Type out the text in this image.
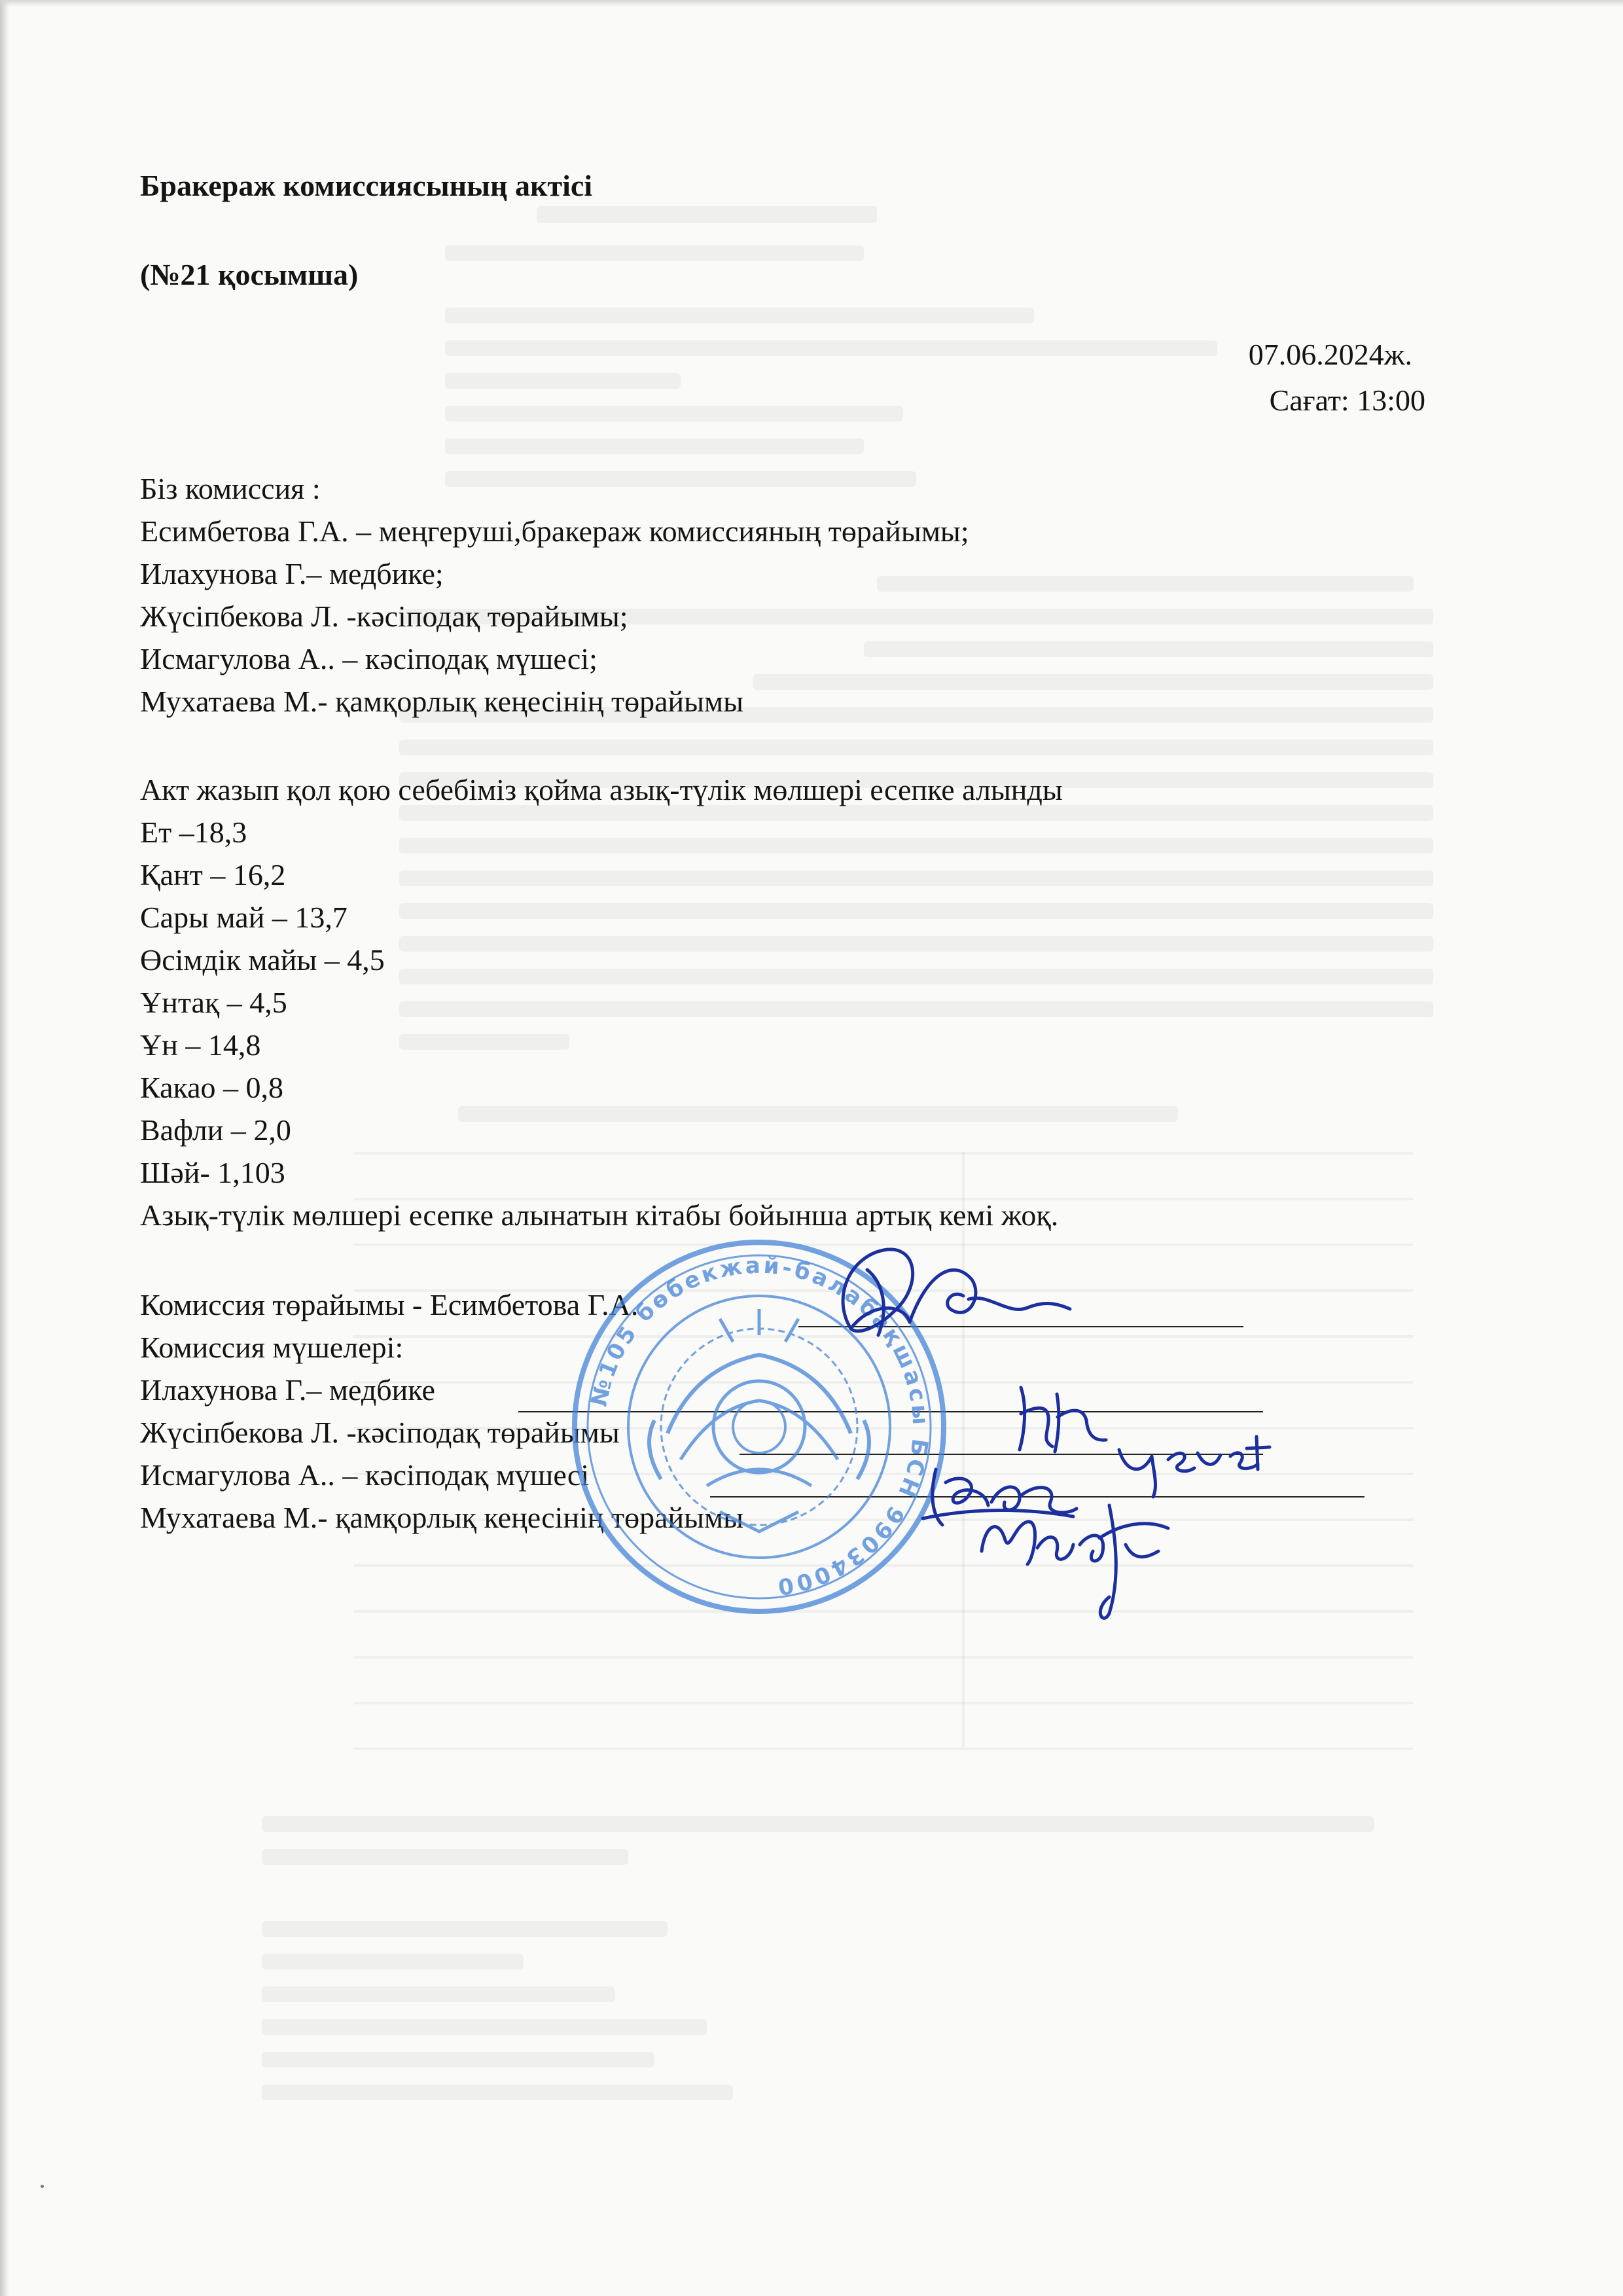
Бракераж комиссиясының актісі
(№21 қосымша)
07.06.2024ж.
Сағат: 13:00
Біз комиссия :
Есимбетова Г.А. – меңгеруші,бракераж комиссияның төрайымы;
Илахунова Г.– медбике;
Жүсіпбекова Л. -кәсіподақ төрайымы;
Исмагулова А.. – кәсіподақ мүшесі;
Мухатаева М.- қамқорлық кеңесінің төрайымы
Акт жазып қол қою себебіміз қойма азық-түлік мөлшері есепке алынды
Ет –18,3
Қант – 16,2
Сары май – 13,7
Өсімдік майы – 4,5
Ұнтақ – 4,5
Ұн – 14,8
Какао – 0,8
Вафли – 2,0
Шәй- 1,103
Азық-түлік мөлшері есепке алынатын кітабы бойынша артық кемі жоқ.
Комиссия төрайымы - Есимбетова Г.А.
Комиссия мүшелері:
Илахунова Г.– медбике
Жүсіпбекова Л. -кәсіподақ төрайымы
Исмагулова А.. – кәсіподақ мүшесі
Мухатаева М.- қамқорлық кеңесінің төрайымы
№105 бөбекжай-балабақшасы БСН 99034000
